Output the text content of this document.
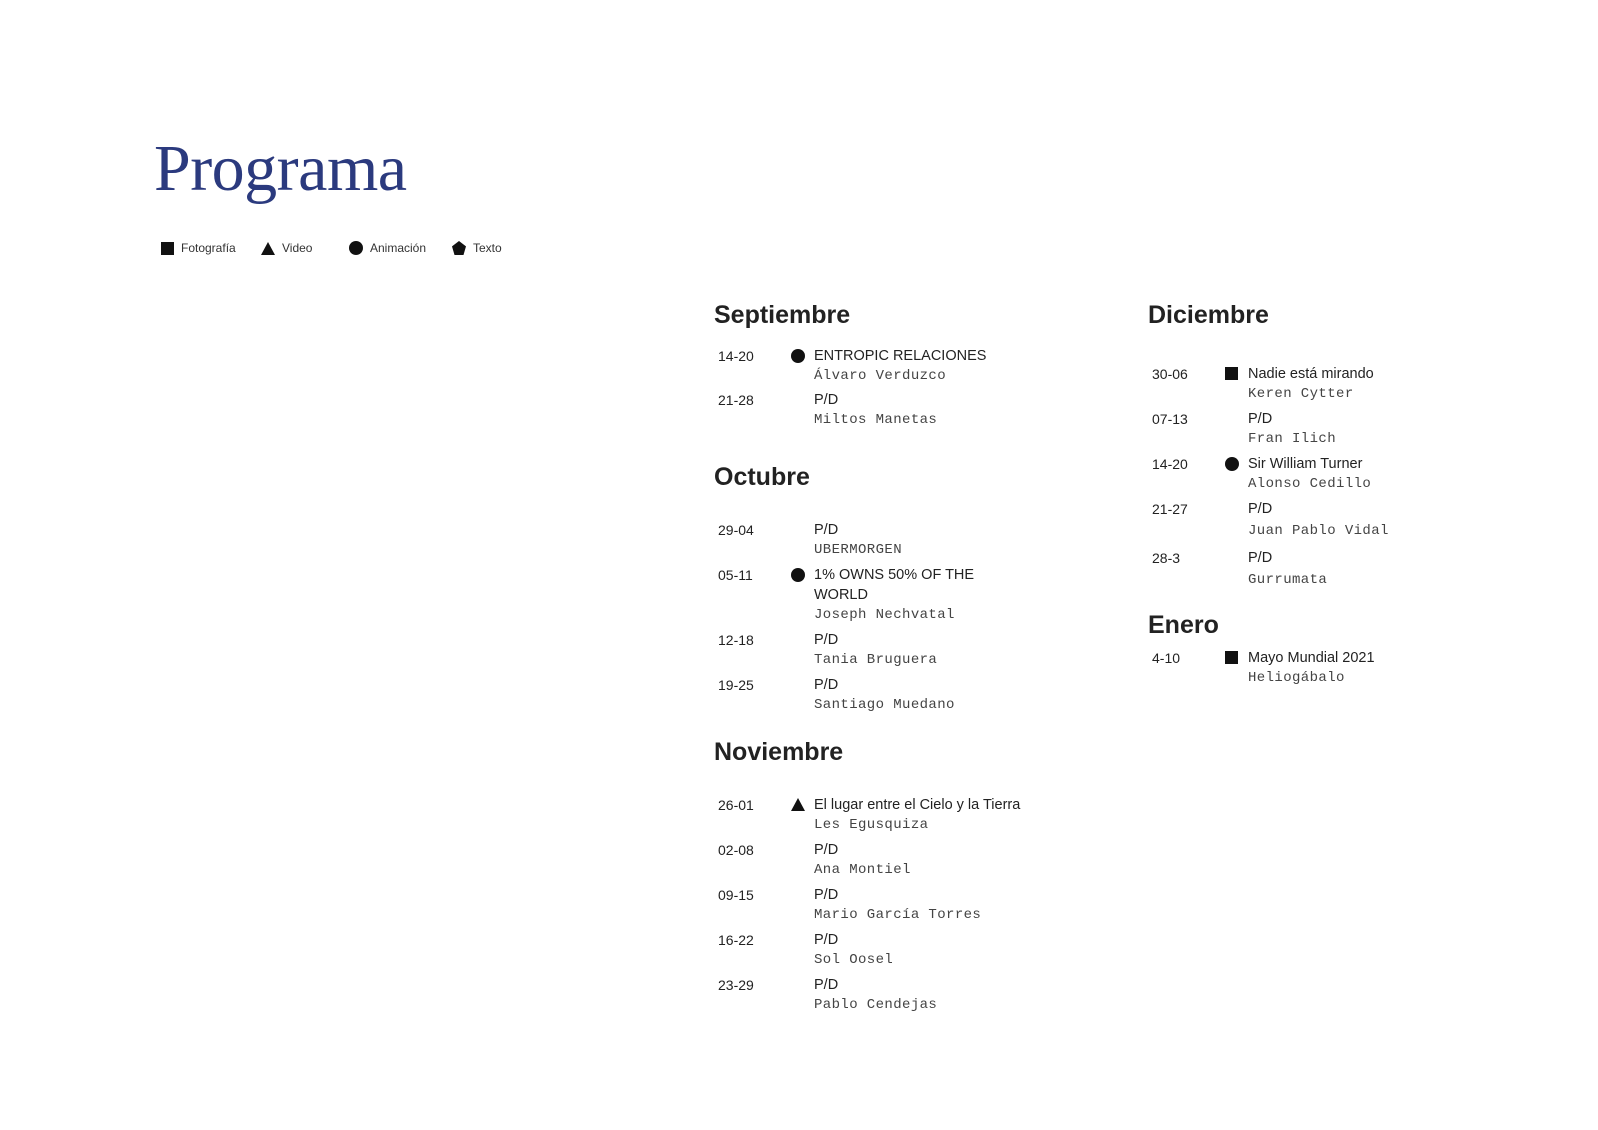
Programa
Fotografía	Video	Animación	Texto
Septiembre
14-20	ENTROPIC RELACIONES
Álvaro Verduzco
21-28	P/D
Miltos Manetas
Octubre
29-04	P/D
UBERMORGEN
05-11	1% OWNS 50% OF THE WORLD
Joseph Nechvatal
12-18	P/D
Tania Bruguera
19-25	P/D
Santiago Muedano
Noviembre
26-01	El lugar entre el Cielo y la Tierra
Les Egusquiza
02-08	P/D
Ana Montiel
09-15	P/D
Mario García Torres
16-22	P/D
Sol Oosel
23-29	P/D
Pablo Cendejas
Diciembre
30-06	Nadie está mirando
Keren Cytter
07-13	P/D
Fran Ilich
14-20	Sir William Turner
Alonso Cedillo
21-27	P/D
Juan Pablo Vidal
28-3	P/D
Gurrumata
Enero
4-10	Mayo Mundial 2021
Heliogábalo
